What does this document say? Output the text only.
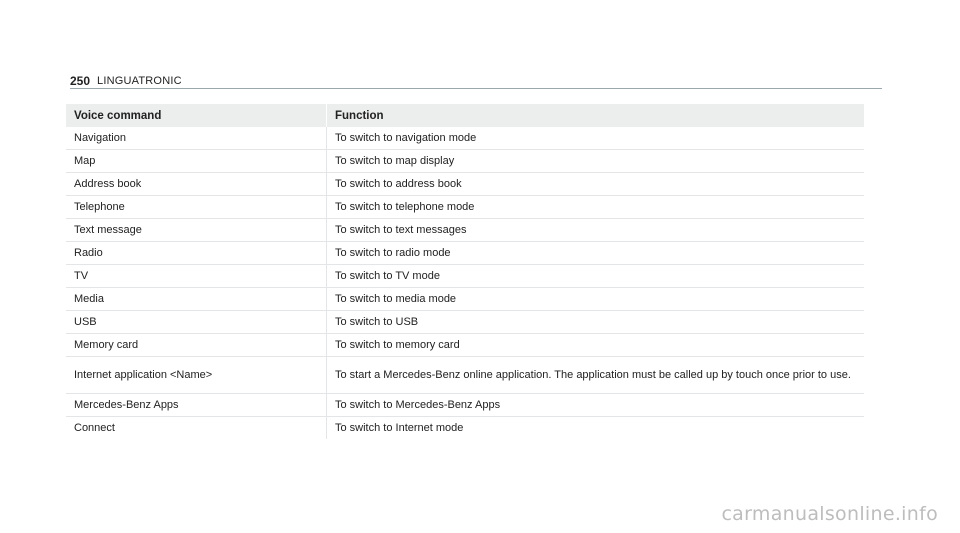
250 LINGUATRONIC
Voice command	Function
Navigation	To switch to navigation mode
Map	To switch to map display
Address book	To switch to address book
Telephone	To switch to telephone mode
Text message	To switch to text messages
Radio	To switch to radio mode
TV	To switch to TV mode
Media	To switch to media mode
USB	To switch to USB
Memory card	To switch to memory card
Internet application <Name>	To start a Mercedes-Benz online application. The application must be called up by touch once prior to use.
Mercedes-Benz Apps	To switch to Mercedes-Benz Apps
Connect	To switch to Internet mode
carmanualsonline.info
